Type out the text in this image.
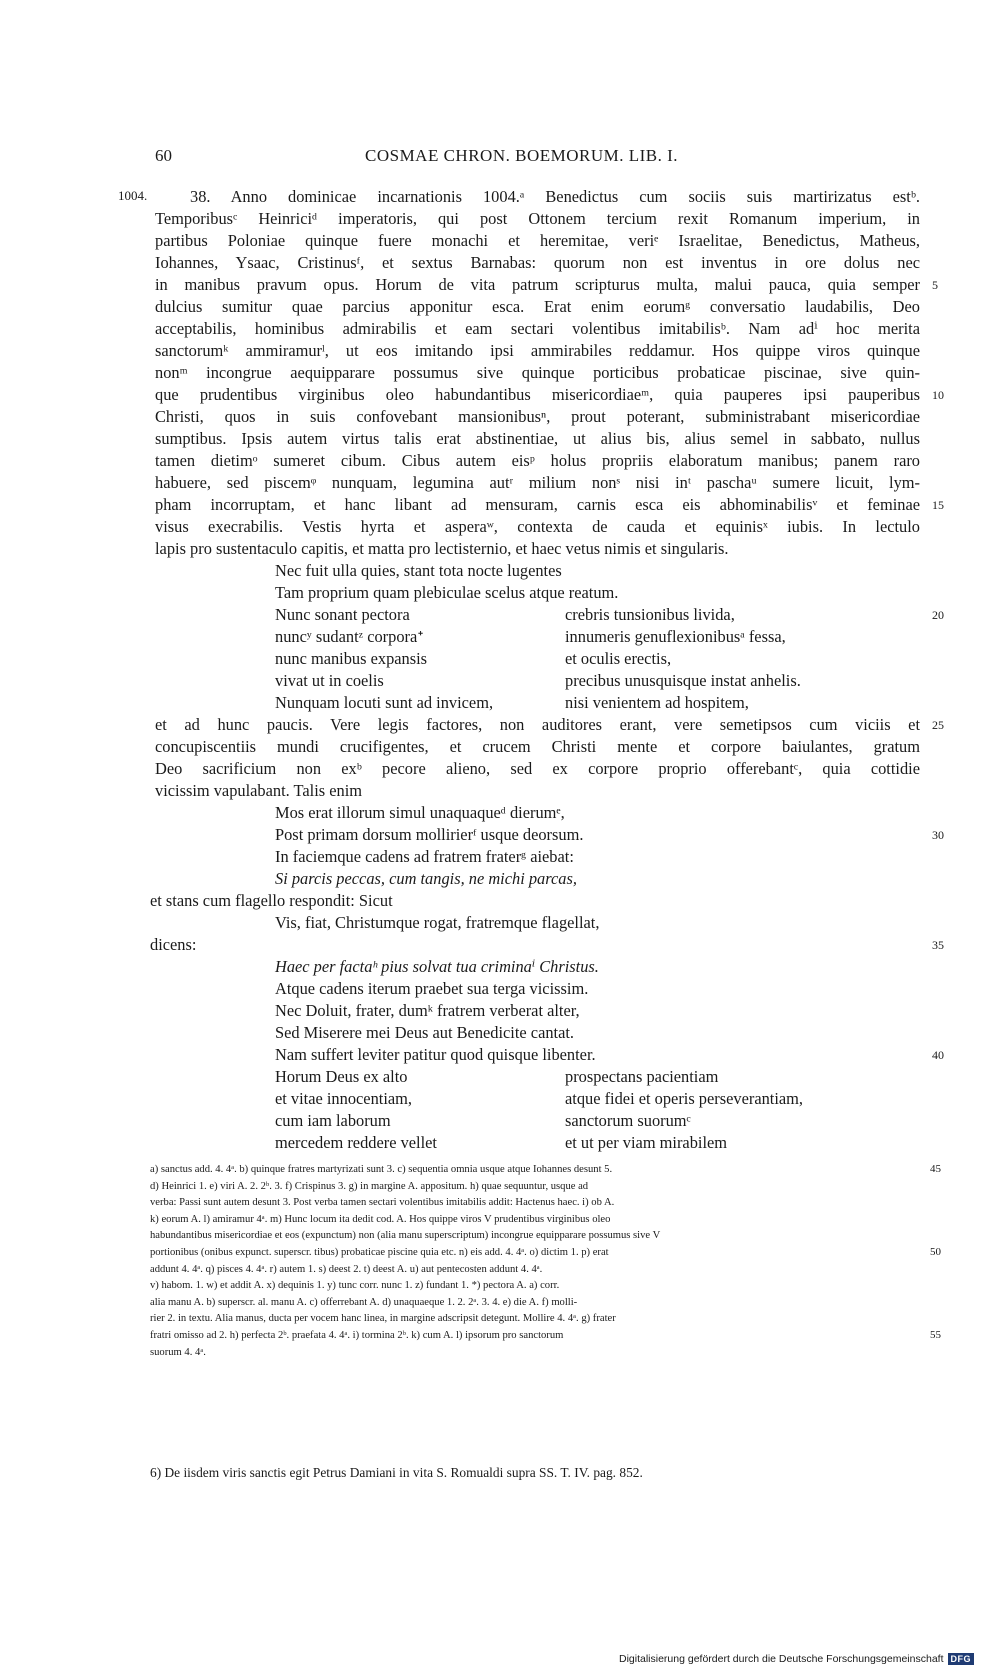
60	COSMAE CHRON. BOEMORUM. LIB. I.
1004.	38. Anno dominicae incarnationis 1004.ᵃ Benedictus cum sociis suis martirizatus estᵇ.
Temporibusᶜ Heinriciᵈ imperatoris, qui post Ottonem tercium rexit Romanum imperium, in
partibus Poloniae quinque fuere monachi et heremitae, veriᵉ Israelitae, Benedictus, Matheus,
Iohannes, Ysaac, Cristinusᶠ, et sextus Barnabas: quorum non est inventus in ore dolus nec
in manibus pravum opus. Horum de vita patrum scripturus multa, malui pauca, quia semper
dulcius sumitur quae parcius apponitur esca. Erat enim eorumᵍ conversatio laudabilis, Deo
acceptabilis, hominibus admirabilis et eam sectari volentibus imitabilisᵇ. Nam adⁱ hoc merita
sanctorumᵏ ammiramurˡ, ut eos imitando ipsi ammirabiles reddamur. Hos quippe viros quinque
nonᵐ incongrue aequipparare possumus sive quinque porticibus probaticae piscinae, sive quin-
que prudentibus virginibus oleo habundantibus misericordiaeᵐ, quia pauperes ipsi pauperibus
Christi, quos in suis confovebant mansionibusⁿ, prout poterant, subministrabant misericordiae
sumptibus. Ipsis autem virtus talis erat abstinentiae, ut alius bis, alius semel in sabbato, nullus
tamen dietimᵒ sumeret cibum. Cibus autem eisᵖ holus propriis elaboratum manibus; panem raro
habuere, sed piscemᵠ nunquam, legumina autʳ milium nonˢ nisi inᵗ paschaᵘ sumere licuit, lym-
pham incorruptam, et hanc libant ad mensuram, carnis esca eis abhominabilisᵛ et feminae
visus execrabilis. Vestis hyrta et asperaʷ, contexta de cauda et equinisˣ iubis. In lectulo
lapis pro sustentaculo capitis, et matta pro lectisternio, et haec vetus nimis et singularis.
Nec fuit ulla quies, stant tota nocte lugentes
Tam proprium quam plebiculae scelus atque reatum.
Nunc sonant pectora	crebris tunsionibus livida,
nuncʸ sudantᶻ corporaᐩ	innumeris genuflexionibusᵃ fessa,
nunc manibus expansis	et oculis erectis,
vivat ut in coelis	precibus unusquisque instat anhelis.
Nunquam locuti sunt ad invicem,	nisi venientem ad hospitem,
et ad hunc paucis. Vere legis factores, non auditores erant, vere semetipsos cum viciis et
concupiscentiis mundi crucifigentes, et crucem Christi mente et corpore baiulantes, gratum
Deo sacrificium non exᵇ pecore alieno, sed ex corpore proprio offerebantᶜ, quia cottidie
vicissim vapulabant. Talis enim
Mos erat illorum simul unaquaqueᵈ dierumᵉ,
Post primam dorsum mollirierᶠ usque deorsum.
In faciemque cadens ad fratrem fraterᵍ aiebat:
Si parcis peccas, cum tangis, ne michi parcas,
et stans cum flagello respondit: Sicut
Vis, fiat, Christumque rogat, fratremque flagellat,
dicens:
Haec per factaʰ pius solvat tua criminaⁱ Christus.
Atque cadens iterum praebet sua terga vicissim.
Nec Doluit, frater, dumᵏ fratrem verberat alter,
Sed Miserere mei Deus aut Benedicite cantat.
Nam suffert leviter patitur quod quisque libenter.
Horum Deus ex alto	prospectans pacientiam
et vitae innocentiam,	atque fidei et operis perseverantiam,
cum iam laborum	sanctorum suorumᶜ
mercedem reddere vellet	et ut per viam mirabilem
5
10
15
20
25
30
35
40
a) sanctus add. 4. 4ᵃ. b) quinque fratres martyrizati sunt 3. c) sequentia omnia usque atque Iohannes desunt 5.
d) Heinrici 1. e) viri A. 2. 2ᵇ. 3. f) Crispinus 3. g) in margine A. appositum. h) quae sequuntur, usque ad
verba: Passi sunt autem desunt 3. Post verba tamen sectari volentibus imitabilis addit: Hactenus haec. i) ob A.
k) eorum A. l) amiramur 4ᵃ. m) Hunc locum ita dedit cod. A. Hos quippe viros V prudentibus virginibus oleo
habundantibus misericordiae et eos (expunctum) non (alia manu superscriptum) incongrue equipparare possumus sive V
portionibus (onibus expunct. superscr. tibus) probaticae piscine quia etc. n) eis add. 4. 4ᵃ. o) dictim 1. p) erat
addunt 4. 4ᵃ. q) pisces 4. 4ᵃ. r) autem 1. s) deest 2. t) deest A. u) aut pentecosten addunt 4. 4ᵃ.
v) habom. 1. w) et addit A. x) dequinis 1. y) tunc corr. nunc 1. z) fundant 1. *) pectora A. a) corr.
alia manu A. b) superscr. al. manu A. c) offerrebant A. d) unaquaeque 1. 2. 2ᵃ. 3. 4. e) die A. f) molli-
rier 2. in textu. Alia manus, ducta per vocem hanc linea, in margine adscripsit detegunt. Mollire 4. 4ᵃ. g) frater
fratri omisso ad 2. h) perfecta 2ᵇ. praefata 4. 4ᵃ. i) tormina 2ᵇ. k) cum A. l) ipsorum pro sanctorum
suorum 4. 4ᵃ.
45
50
55
6) De iisdem viris sanctis egit Petrus Damiani in vita S. Romualdi supra SS. T. IV. pag. 852.
Digitalisierung gefördert durch die Deutsche Forschungsgemeinschaft DFG
